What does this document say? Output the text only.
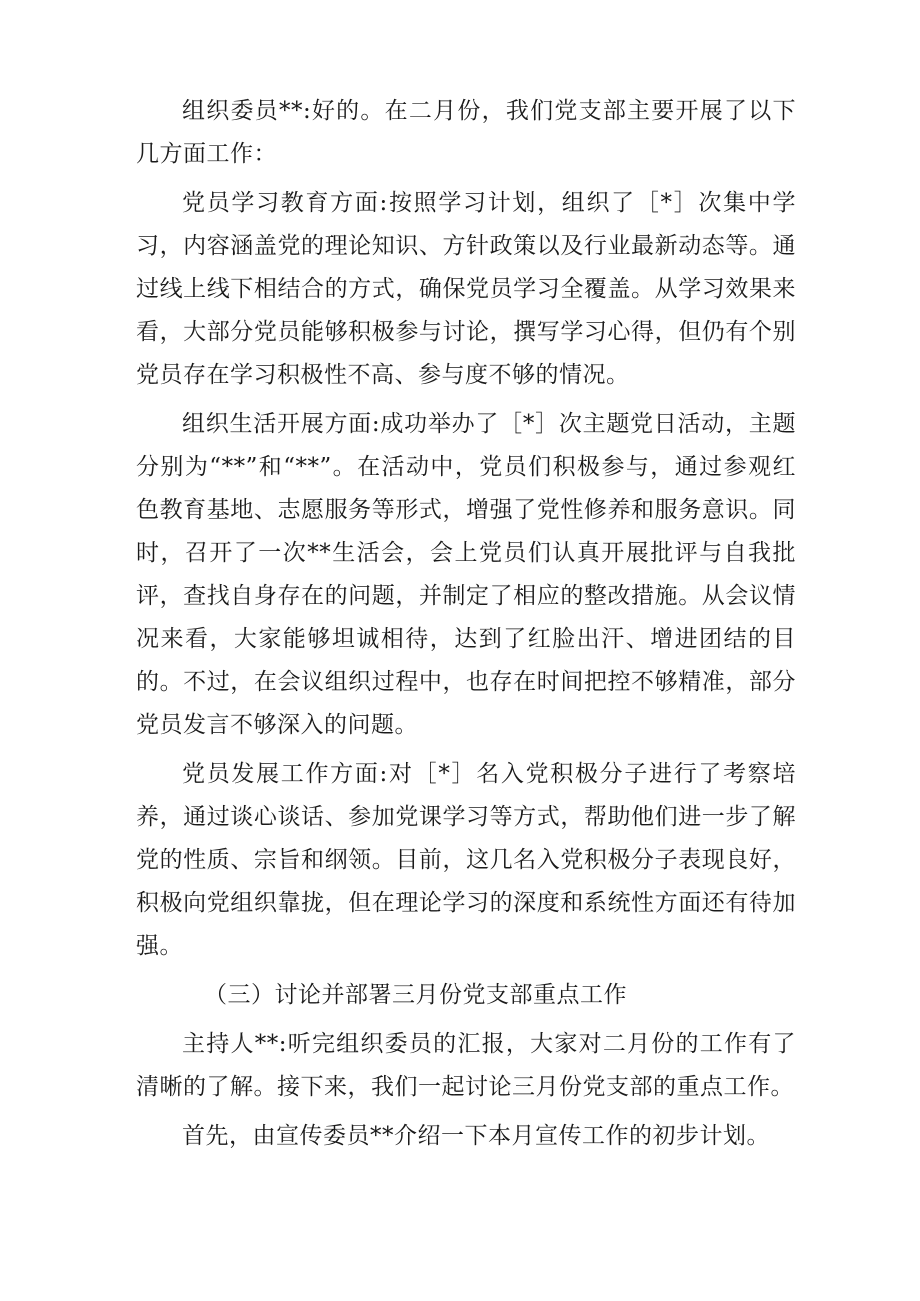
组织委员**:好的。在二月份，我们党支部主要开展了以下几方面工作：

党员学习教育方面:按照学习计划，组织了［*］次集中学习，内容涵盖党的理论知识、方针政策以及行业最新动态等。通过线上线下相结合的方式，确保党员学习全覆盖。从学习效果来看，大部分党员能够积极参与讨论，撰写学习心得，但仍有个别党员存在学习积极性不高、参与度不够的情况。

组织生活开展方面:成功举办了［*］次主题党日活动，主题分别为“**”和“**”。在活动中，党员们积极参与，通过参观红色教育基地、志愿服务等形式，增强了党性修养和服务意识。同时，召开了一次**生活会，会上党员们认真开展批评与自我批评，查找自身存在的问题，并制定了相应的整改措施。从会议情况来看，大家能够坦诚相待，达到了红脸出汗、增进团结的目的。不过，在会议组织过程中，也存在时间把控不够精准，部分党员发言不够深入的问题。

党员发展工作方面:对［*］名入党积极分子进行了考察培养，通过谈心谈话、参加党课学习等方式，帮助他们进一步了解党的性质、宗旨和纲领。目前，这几名入党积极分子表现良好，积极向党组织靠拢，但在理论学习的深度和系统性方面还有待加强。

（三）讨论并部署三月份党支部重点工作

主持人**:听完组织委员的汇报，大家对二月份的工作有了清晰的了解。接下来，我们一起讨论三月份党支部的重点工作。

首先，由宣传委员**介绍一下本月宣传工作的初步计划。
